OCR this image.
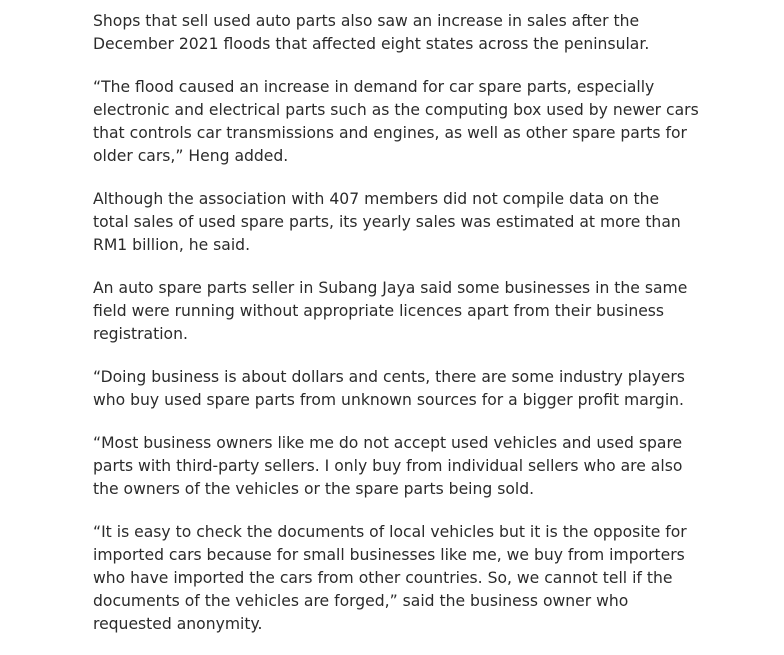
Shops that sell used auto parts also saw an increase in sales after the December 2021 floods that affected eight states across the peninsular.

“The flood caused an increase in demand for car spare parts, especially electronic and electrical parts such as the computing box used by newer cars that controls car transmissions and engines, as well as other spare parts for older cars,” Heng added.

Although the association with 407 members did not compile data on the total sales of used spare parts, its yearly sales was estimated at more than RM1 billion, he said.

An auto spare parts seller in Subang Jaya said some businesses in the same field were running without appropriate licences apart from their business registration.

“Doing business is about dollars and cents, there are some industry players who buy used spare parts from unknown sources for a bigger profit margin.

“Most business owners like me do not accept used vehicles and used spare parts with third-party sellers. I only buy from individual sellers who are also the owners of the vehicles or the spare parts being sold.

“It is easy to check the documents of local vehicles but it is the opposite for imported cars because for small businesses like me, we buy from importers who have imported the cars from other countries. So, we cannot tell if the documents of the vehicles are forged,” said the business owner who requested anonymity.
